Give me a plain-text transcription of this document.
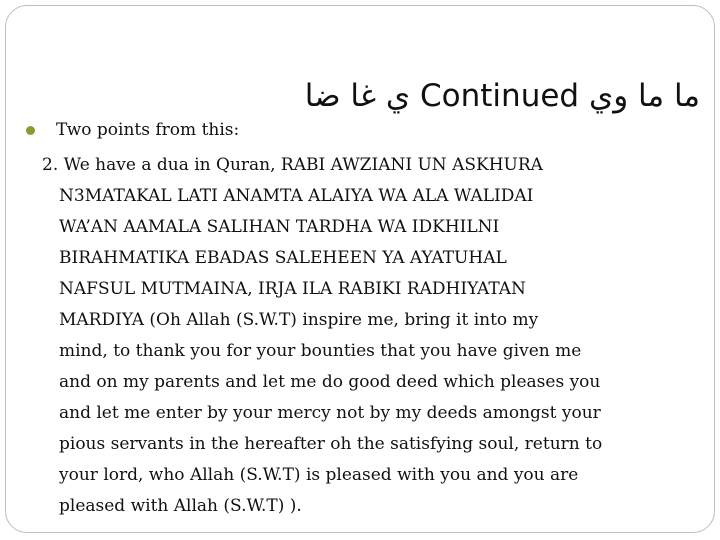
ما ما وي Continued ي غا ضا
Two points from this:
2. We have a dua in Quran, RABI AWZIANI UN ASKHURA
N3MATAKAL LATI ANAMTA ALAIYA WA ALA WALIDAI
WA’AN AAMALA SALIHAN TARDHA WA IDKHILNI
BIRAHMATIKA EBADAS SALEHEEN YA AYATUHAL
NAFSUL MUTMAINA, IRJA ILA RABIKI RADHIYATAN
MARDIYA (Oh Allah (S.W.T) inspire me, bring it into my
mind, to thank you for your bounties that you have given me
and on my parents and let me do good deed which pleases you
and let me enter by your mercy not by my deeds amongst your
pious servants in the hereafter oh the satisfying soul, return to
your lord, who Allah (S.W.T) is pleased with you and you are
pleased with Allah (S.W.T) ).
